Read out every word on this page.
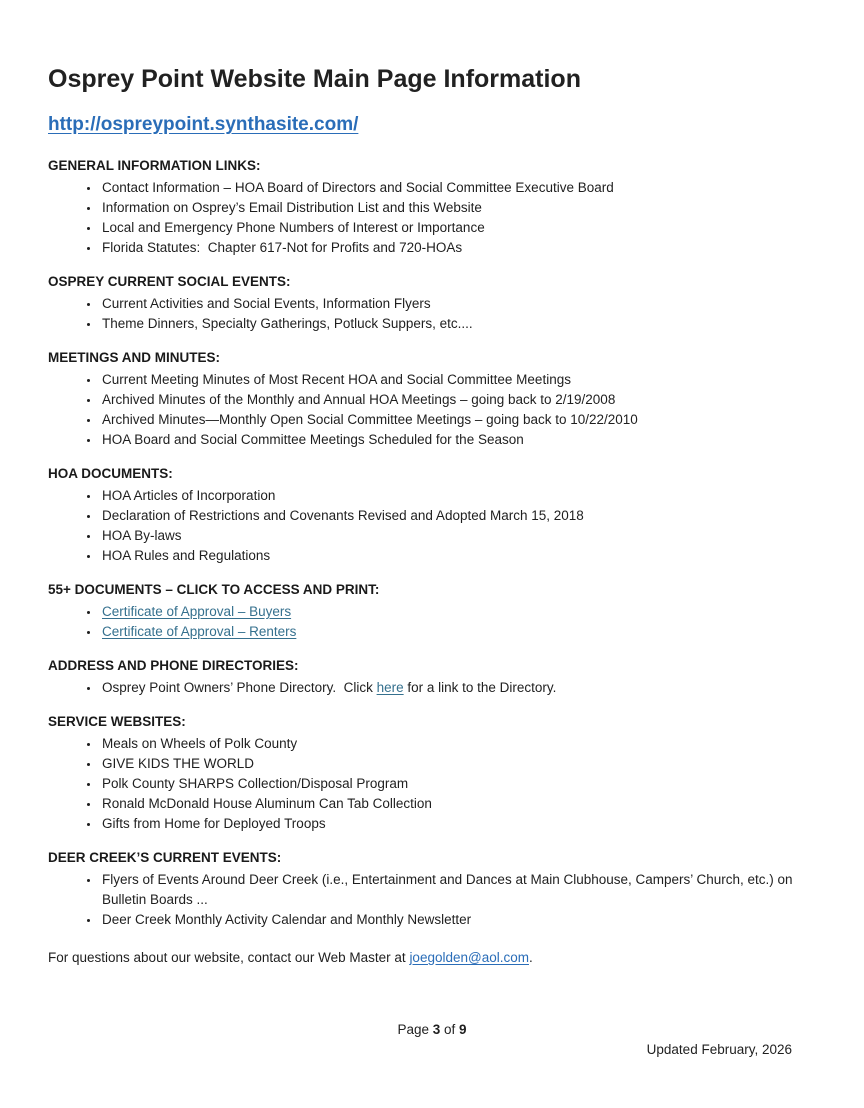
Osprey Point Website Main Page Information
http://ospreypoint.synthasite.com/
GENERAL INFORMATION LINKS:
• Contact Information – HOA Board of Directors and Social Committee Executive Board
• Information on Osprey’s Email Distribution List and this Website
• Local and Emergency Phone Numbers of Interest or Importance
• Florida Statutes:  Chapter 617-Not for Profits and 720-HOAs
OSPREY CURRENT SOCIAL EVENTS:
• Current Activities and Social Events, Information Flyers
• Theme Dinners, Specialty Gatherings, Potluck Suppers, etc....
MEETINGS AND MINUTES:
• Current Meeting Minutes of Most Recent HOA and Social Committee Meetings
• Archived Minutes of the Monthly and Annual HOA Meetings – going back to 2/19/2008
• Archived Minutes—Monthly Open Social Committee Meetings – going back to 10/22/2010
• HOA Board and Social Committee Meetings Scheduled for the Season
HOA DOCUMENTS:
• HOA Articles of Incorporation
• Declaration of Restrictions and Covenants Revised and Adopted March 15, 2018
• HOA By-laws
• HOA Rules and Regulations
55+ DOCUMENTS – CLICK TO ACCESS AND PRINT:
• Certificate of Approval – Buyers
• Certificate of Approval – Renters
ADDRESS AND PHONE DIRECTORIES:
• Osprey Point Owners’ Phone Directory.  Click here for a link to the Directory.
SERVICE WEBSITES:
• Meals on Wheels of Polk County
• GIVE KIDS THE WORLD
• Polk County SHARPS Collection/Disposal Program
• Ronald McDonald House Aluminum Can Tab Collection
• Gifts from Home for Deployed Troops
DEER CREEK’S CURRENT EVENTS:
• Flyers of Events Around Deer Creek (i.e., Entertainment and Dances at Main Clubhouse, Campers’ Church, etc.) on Bulletin Boards ...
• Deer Creek Monthly Activity Calendar and Monthly Newsletter

For questions about our website, contact our Web Master at joegolden@aol.com.

Page 3 of 9
Updated February, 2026
